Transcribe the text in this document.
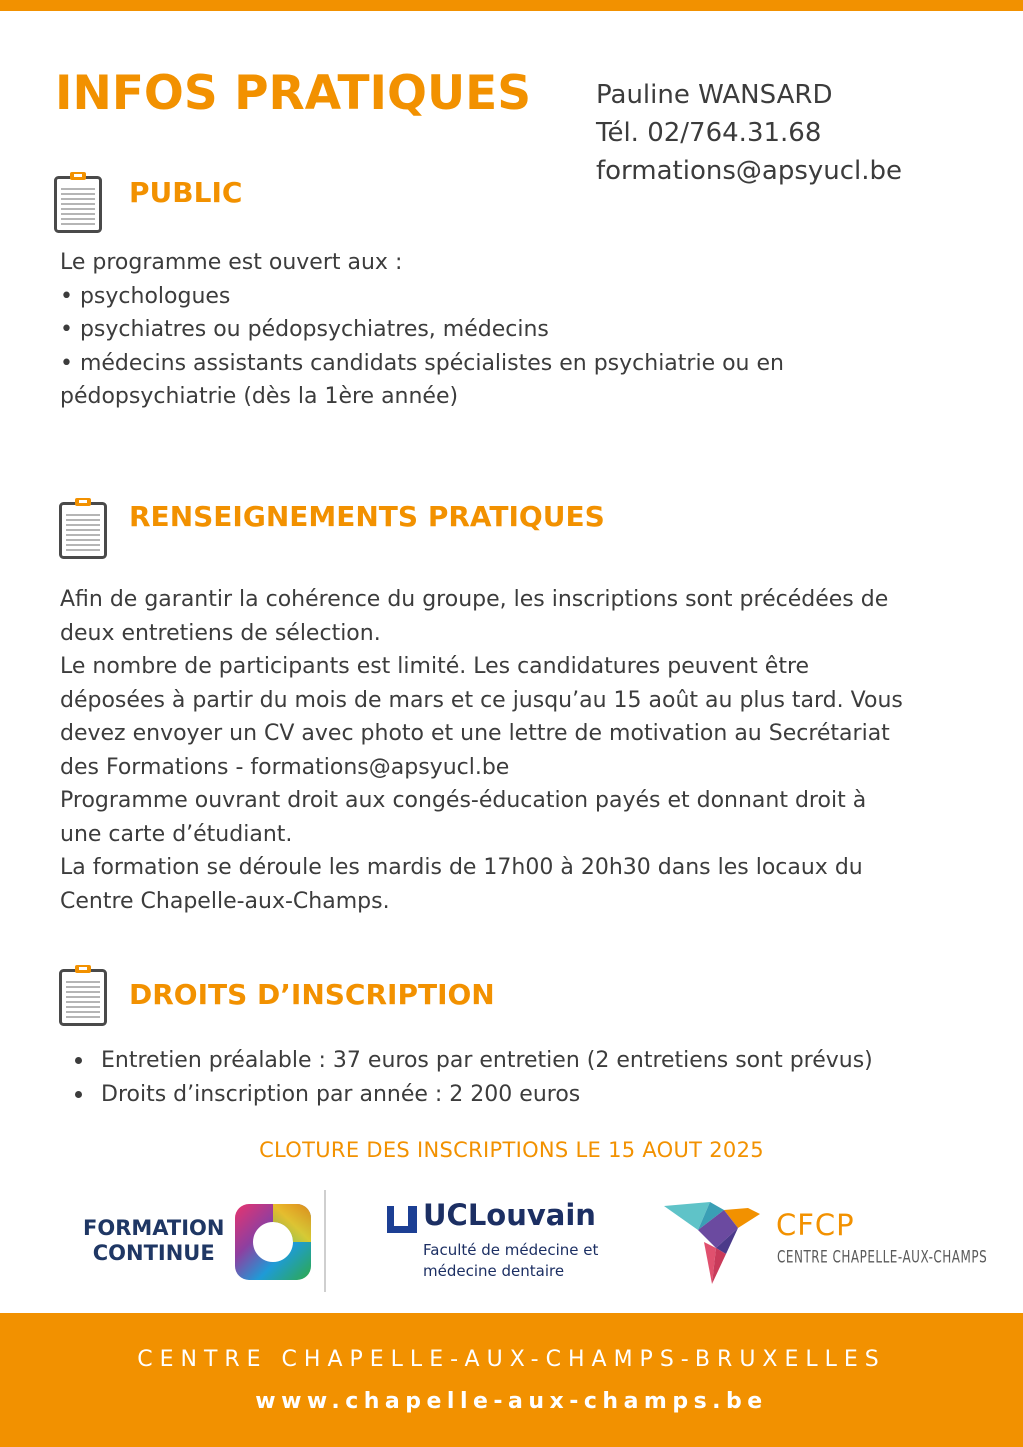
INFOS PRATIQUES Pauline WANSARD
Tél. 02/764.31.68
formations@apsyucl.be
PUBLIC
Le programme est ouvert aux :
• psychologues
• psychiatres ou pédopsychiatres, médecins
• médecins assistants candidats spécialistes en psychiatrie ou en
pédopsychiatrie (dès la 1ère année)
RENSEIGNEMENTS PRATIQUES
Afin de garantir la cohérence du groupe, les inscriptions sont précédées de
deux entretiens de sélection.
Le nombre de participants est limité. Les candidatures peuvent être
déposées à partir du mois de mars et ce jusqu’au 15 août au plus tard. Vous
devez envoyer un CV avec photo et une lettre de motivation au Secrétariat
des Formations - formations@apsyucl.be
Programme ouvrant droit aux congés-éducation payés et donnant droit à
une carte d’étudiant.
La formation se déroule les mardis de 17h00 à 20h30 dans les locaux du
Centre Chapelle-aux-Champs.
DROITS D’INSCRIPTION
Entretien préalable : 37 euros par entretien (2 entretiens sont prévus)
Droits d’inscription par année : 2 200 euros
CLOTURE DES INSCRIPTIONS LE 15 AOUT 2025
FORMATION
CONTINUE
UCLouvain
Faculté de médecine et
médecine dentaire
CFCP
CENTRE CHAPELLE-AUX-CHAMPS
CENTRE CHAPELLE-AUX-CHAMPS-BRUXELLES
www.chapelle-aux-champs.be
